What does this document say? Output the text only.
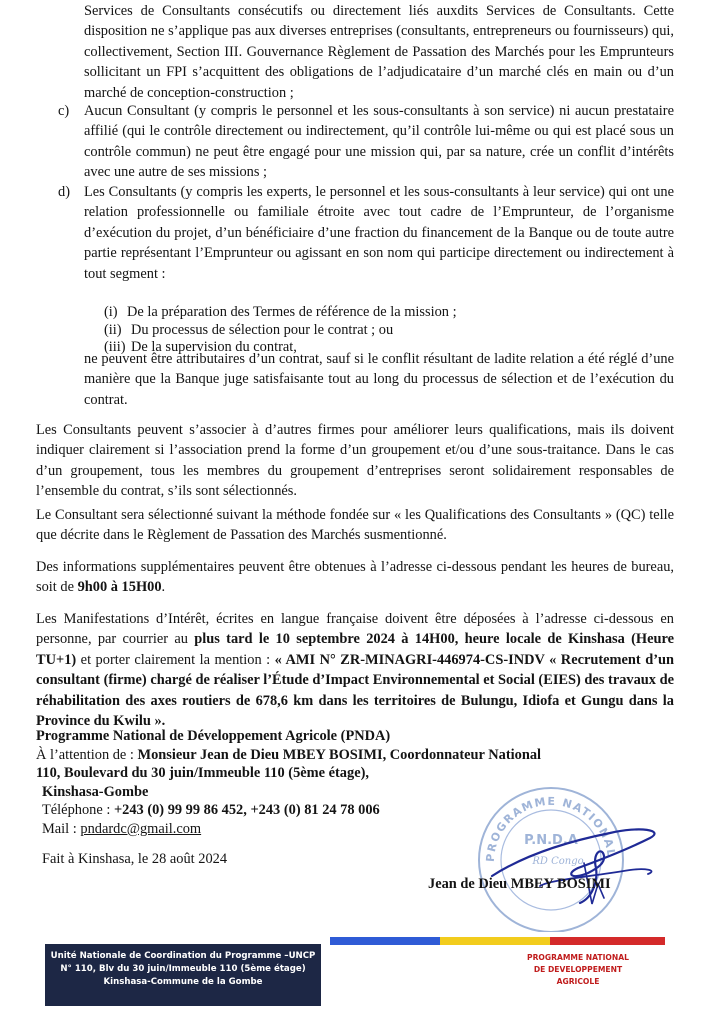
Services de Consultants consécutifs ou directement liés auxdits Services de Consultants. Cette disposition ne s’applique pas aux diverses entreprises (consultants, entrepreneurs ou fournisseurs) qui, collectivement, Section III. Gouvernance Règlement de Passation des Marchés pour les Emprunteurs sollicitant un FPI s’acquittent des obligations de l’adjudicataire d’un marché clés en main ou d’un marché de conception-construction ;

c) Aucun Consultant (y compris le personnel et les sous-consultants à son service) ni aucun prestataire affilié (qui le contrôle directement ou indirectement, qu’il contrôle lui-même ou qui est placé sous un contrôle commun) ne peut être engagé pour une mission qui, par sa nature, crée un conflit d’intérêts avec une autre de ses missions ;

d) Les Consultants (y compris les experts, le personnel et les sous-consultants à leur service) qui ont une relation professionnelle ou familiale étroite avec tout cadre de l’Emprunteur, de l’organisme d’exécution du projet, d’un bénéficiaire d’une fraction du financement de la Banque ou de toute autre partie représentant l’Emprunteur ou agissant en son nom qui participe directement ou indirectement à tout segment :

(i) De la préparation des Termes de référence de la mission ;
(ii) Du processus de sélection pour le contrat ; ou
(iii) De la supervision du contrat,

ne peuvent être attributaires d’un contrat, sauf si le conflit résultant de ladite relation a été réglé d’une manière que la Banque juge satisfaisante tout au long du processus de sélection et de l’exécution du contrat.

Les Consultants peuvent s’associer à d’autres firmes pour améliorer leurs qualifications, mais ils doivent indiquer clairement si l’association prend la forme d’un groupement et/ou d’une sous-traitance. Dans le cas d’un groupement, tous les membres du groupement d’entreprises seront solidairement responsables de l’ensemble du contrat, s’ils sont sélectionnés.

Le Consultant sera sélectionné suivant la méthode fondée sur « les Qualifications des Consultants » (QC) telle que décrite dans le Règlement de Passation des Marchés susmentionné.

Des informations supplémentaires peuvent être obtenues à l’adresse ci-dessous pendant les heures de bureau, soit de 9h00 à 15H00.

Les Manifestations d’Intérêt, écrites en langue française doivent être déposées à l’adresse ci-dessous en personne, par courrier au plus tard le 10 septembre 2024 à 14H00, heure locale de Kinshasa (Heure TU+1) et porter clairement la mention : « AMI N° ZR-MINAGRI-446974-CS-INDV « Recrutement d’un consultant (firme) chargé de réaliser l’Étude d’Impact Environnemental et Social (EIES) des travaux de réhabilitation des axes routiers de 678,6 km dans les territoires de Bulungu, Idiofa et Gungu dans la Province du Kwilu ».

Programme National de Développement Agricole (PNDA)
À l’attention de : Monsieur Jean de Dieu MBEY BOSIMI, Coordonnateur National
110, Boulevard du 30 juin/Immeuble 110 (5ème étage),
Kinshasa-Gombe
Téléphone : +243 (0) 99 99 86 452, +243 (0) 81 24 78 006
Mail : pndardc@gmail.com
Fait à Kinshasa, le 28 août 2024	PROGRAMME NATIONAL
P.N.D.A
RD Congo
Jean de Dieu MBEY BOSIMI
Unité Nationale de Coordination du Programme –UNCP
N° 110, Blv du 30 juin/Immeuble 110 (5ème étage)
Kinshasa-Commune de la Gombe
PROGRAMME NATIONAL
DE DEVELOPPEMENT
AGRICOLE
